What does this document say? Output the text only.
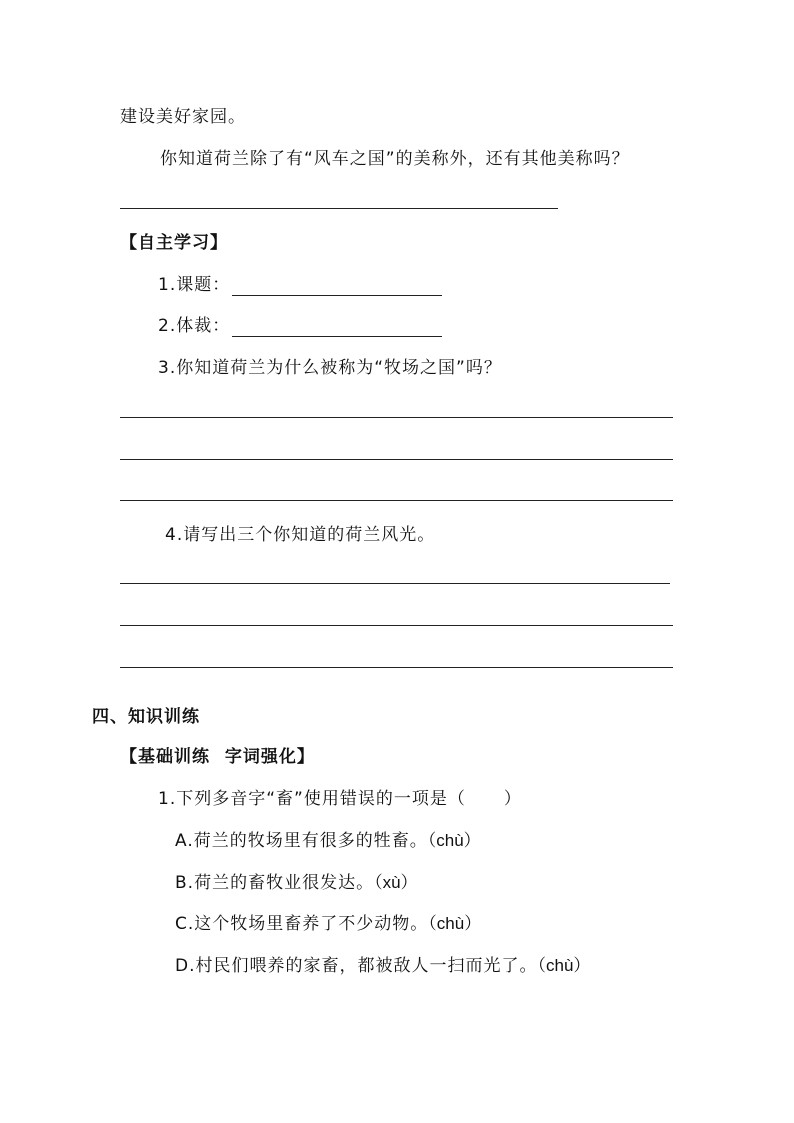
建设美好家园。
你知道荷兰除了有“风车之国”的美称外，还有其他美称吗？
【自主学习】
1.课题：
2.体裁：
3.你知道荷兰为什么被称为“牧场之国”吗？
4.请写出三个你知道的荷兰风光。
四、知识训练
【基础训练 字词强化】
1.下列多音字“畜”使用错误的一项是（ ）
A.荷兰的牧场里有很多的牲畜。（chù）
B.荷兰的畜牧业很发达。（xù）
C.这个牧场里畜养了不少动物。（chù）
D.村民们喂养的家畜，都被敌人一扫而光了。（chù）
